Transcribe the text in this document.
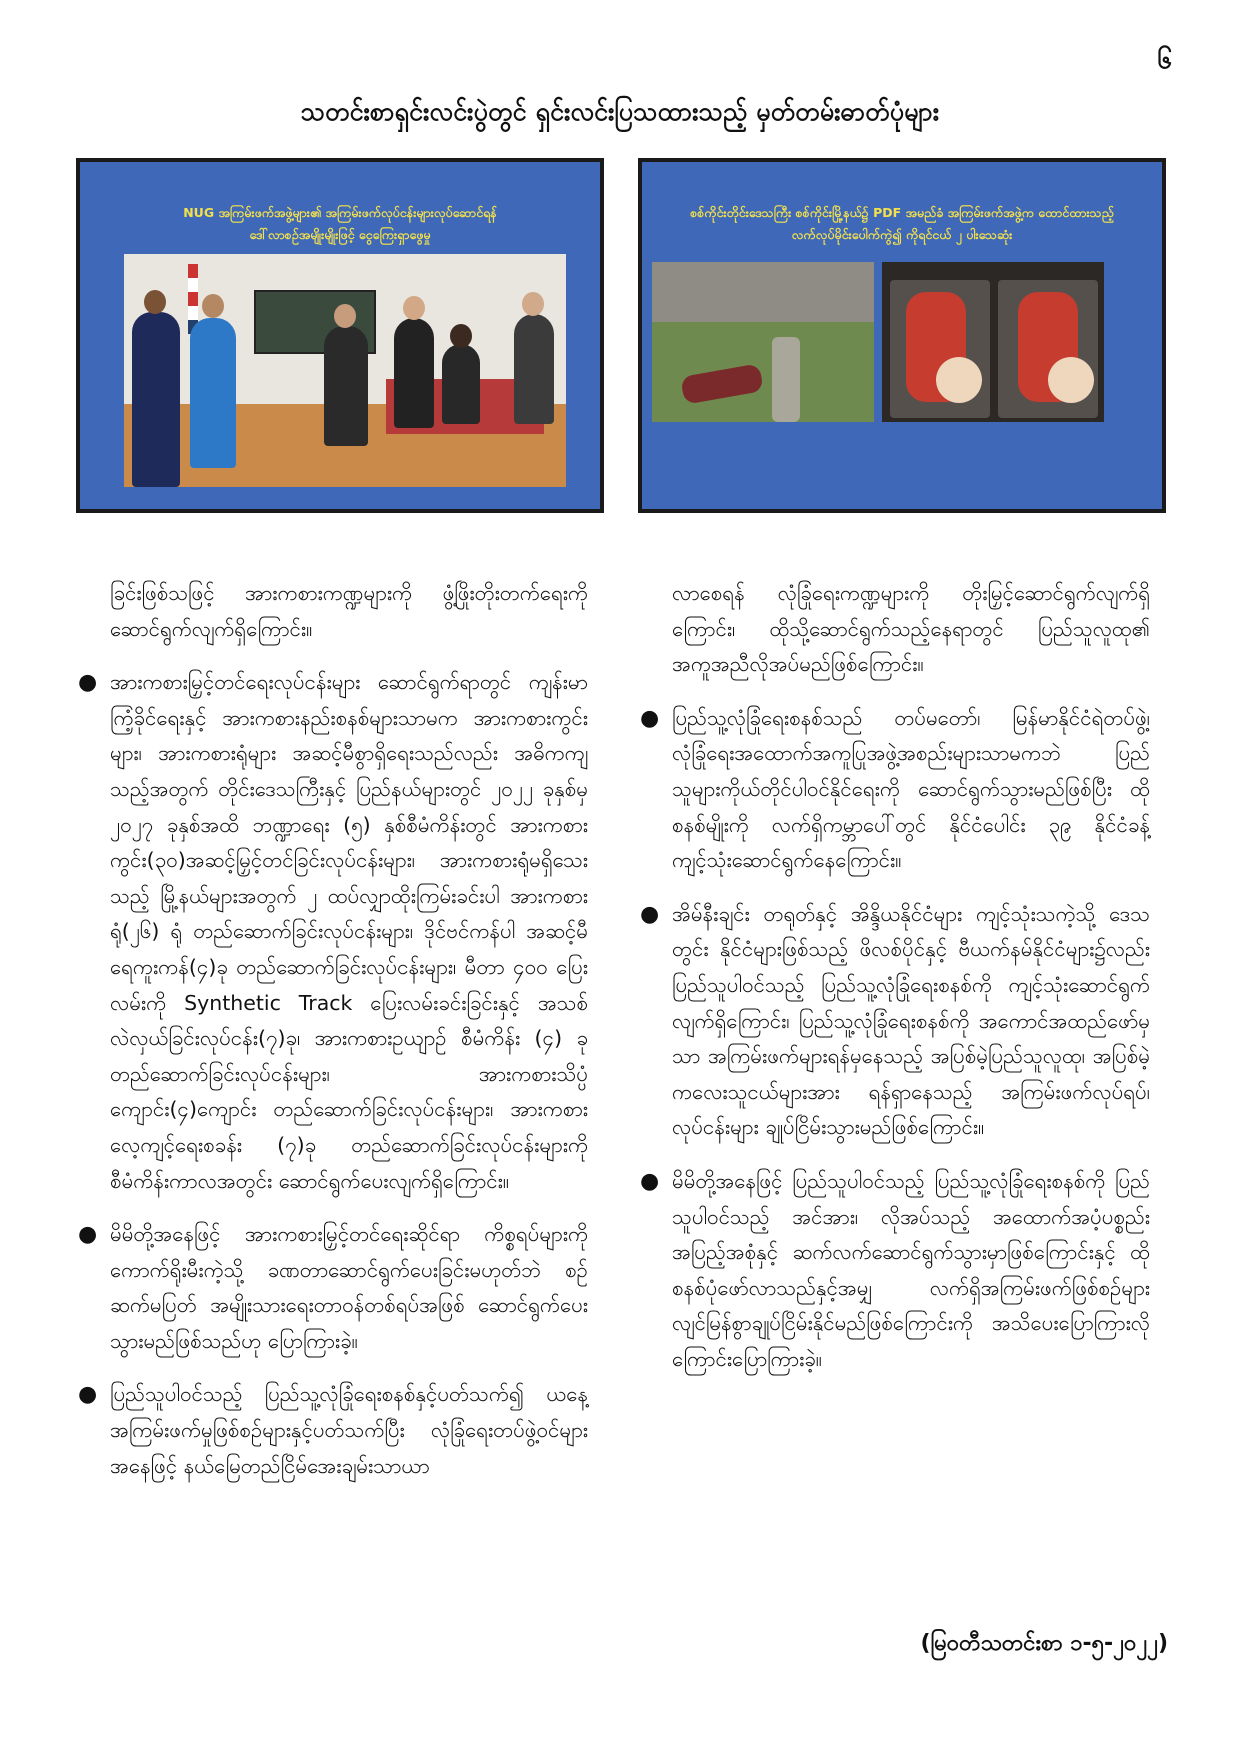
၆
သတင်းစာရှင်းလင်းပွဲတွင် ရှင်းလင်းပြသထားသည့် မှတ်တမ်းဓာတ်ပုံများ
NUG အကြမ်းဖက်အဖွဲ့များ၏ အကြမ်းဖက်လုပ်ငန်းများလုပ်ဆောင်ရန်
ဒေါ်လာစဉ်အမျိုးမျိုးဖြင့် ငွေကြေးရှာဖွေမှု
စစ်ကိုင်းတိုင်းဒေသကြီး စစ်ကိုင်းမြို့နယ်၌ PDF အမည်ခံ အကြမ်းဖက်အဖွဲ့က ထောင်ထားသည့်
လက်လုပ်မိုင်းပေါက်ကွဲ၍ ကိုရင်ငယ် ၂ ပါးသေဆုံး

ခြင်းဖြစ်သဖြင့် အားကစားကဏ္ဍများကို ဖွံ့ဖြိုးတိုးတက်ရေးကို ဆောင်ရွက်လျက်ရှိကြောင်း။

● အားကစားမြှင့်တင်ရေးလုပ်ငန်းများ ဆောင်ရွက်ရာတွင် ကျန်းမာကြံ့ခိုင်ရေးနှင့် အားကစားနည်းစနစ်များသာမက အားကစားကွင်းများ၊ အားကစားရုံများ အဆင့်မီစွာရှိရေးသည်လည်း အဓိကကျသည့်အတွက် တိုင်းဒေသကြီးနှင့် ပြည်နယ်များတွင် ၂၀၂၂ ခုနှစ်မှ ၂၀၂၇ ခုနှစ်အထိ ဘဏ္ဍာရေး (၅) နှစ်စီမံကိန်းတွင် အားကစားကွင်း(၃၀)အဆင့်မြှင့်တင်ခြင်းလုပ်ငန်းများ၊ အားကစားရုံမရှိသေးသည့် မြို့နယ်များအတွက် ၂ ထပ်လျှာထိုးကြမ်းခင်းပါ အားကစားရုံ(၂၆) ရုံ တည်ဆောက်ခြင်းလုပ်ငန်းများ၊ ဒိုင်ဗင်ကန်ပါ အဆင့်မီရေကူးကန်(၄)ခု တည်ဆောက်ခြင်းလုပ်ငန်းများ၊ မီတာ ၄၀၀ ပြေးလမ်းကို Synthetic Track ပြေးလမ်းခင်းခြင်းနှင့် အသစ်လဲလှယ်ခြင်းလုပ်ငန်း(၇)ခု၊ အားကစားဥယျာဉ် စီမံကိန်း (၄) ခု တည်ဆောက်ခြင်းလုပ်ငန်းများ၊ အားကစားသိပ္ပံ ကျောင်း(၄)ကျောင်း တည်ဆောက်ခြင်းလုပ်ငန်းများ၊ အားကစားလေ့ကျင့်ရေးစခန်း (၇)ခု တည်ဆောက်ခြင်းလုပ်ငန်းများကို စီမံကိန်းကာလအတွင်း ဆောင်ရွက်ပေးလျက်ရှိကြောင်း။
● မိမိတို့အနေဖြင့် အားကစားမြှင့်တင်ရေးဆိုင်ရာ ကိစ္စရပ်များကို ကောက်ရိုးမီးကဲ့သို့ ခဏတာဆောင်ရွက်ပေးခြင်းမဟုတ်ဘဲ စဉ်ဆက်မပြတ် အမျိုးသားရေးတာဝန်တစ်ရပ်အဖြစ် ဆောင်ရွက်ပေးသွားမည်ဖြစ်သည်ဟု ပြောကြားခဲ့။
● ပြည်သူပါဝင်သည့် ပြည်သူ့လုံခြုံရေးစနစ်နှင့်ပတ်သက်၍ ယနေ့အကြမ်းဖက်မှုဖြစ်စဉ်များနှင့်ပတ်သက်ပြီး လုံခြုံရေးတပ်ဖွဲ့ဝင်များအနေဖြင့် နယ်မြေတည်ငြိမ်အေးချမ်းသာယာ

လာစေရန် လုံခြုံရေးကဏ္ဍများကို တိုးမြှင့်ဆောင်ရွက်လျက်ရှိကြောင်း၊ ထိုသို့ဆောင်ရွက်သည့်နေရာတွင် ပြည်သူလူထု၏ အကူအညီလိုအပ်မည်ဖြစ်ကြောင်း။

● ပြည်သူ့လုံခြုံရေးစနစ်သည် တပ်မတော်၊ မြန်မာနိုင်ငံရဲတပ်ဖွဲ့၊ လုံခြုံရေးအထောက်အကူပြုအဖွဲ့အစည်းများသာမကဘဲ ပြည်သူများကိုယ်တိုင်ပါဝင်နိုင်ရေးကို ဆောင်ရွက်သွားမည်ဖြစ်ပြီး ထိုစနစ်မျိုးကို လက်ရှိကမ္ဘာပေါ်တွင် နိုင်ငံပေါင်း ၃၉ နိုင်ငံခန့် ကျင့်သုံးဆောင်ရွက်နေကြောင်း။
● အိမ်နီးချင်း တရုတ်နှင့် အိန္ဒိယနိုင်ငံများ ကျင့်သုံးသကဲ့သို့ ဒေသတွင်း နိုင်ငံများဖြစ်သည့် ဖိလစ်ပိုင်နှင့် ဗီယက်နမ်နိုင်ငံများ၌လည်း ပြည်သူပါဝင်သည့် ပြည်သူ့လုံခြုံရေးစနစ်ကို ကျင့်သုံးဆောင်ရွက်လျက်ရှိကြောင်း၊ ပြည်သူ့လုံခြုံရေးစနစ်ကို အကောင်အထည်ဖော်မှသာ အကြမ်းဖက်များရန်မှနေသည့် အပြစ်မဲ့ပြည်သူလူထု၊ အပြစ်မဲ့ကလေးသူငယ်များအား ရန်ရှာနေသည့် အကြမ်းဖက်လုပ်ရပ်၊ လုပ်ငန်းများ ချုပ်ငြိမ်းသွားမည်ဖြစ်ကြောင်း။
● မိမိတို့အနေဖြင့် ပြည်သူပါဝင်သည့် ပြည်သူ့လုံခြုံရေးစနစ်ကို ပြည်သူပါဝင်သည့် အင်အား၊ လိုအပ်သည့် အထောက်အပံ့ပစ္စည်း အပြည့်အစုံနှင့် ဆက်လက်ဆောင်ရွက်သွားမှာဖြစ်ကြောင်းနှင့် ထိုစနစ်ပုံဖော်လာသည်နှင့်အမျှ လက်ရှိအကြမ်းဖက်ဖြစ်စဉ်များ လျင်မြန်စွာချုပ်ငြိမ်းနိုင်မည်ဖြစ်ကြောင်းကို အသိပေးပြောကြားလိုကြောင်းပြောကြားခဲ့။
(မြဝတီသတင်းစာ ၁-၅-၂၀၂၂)
